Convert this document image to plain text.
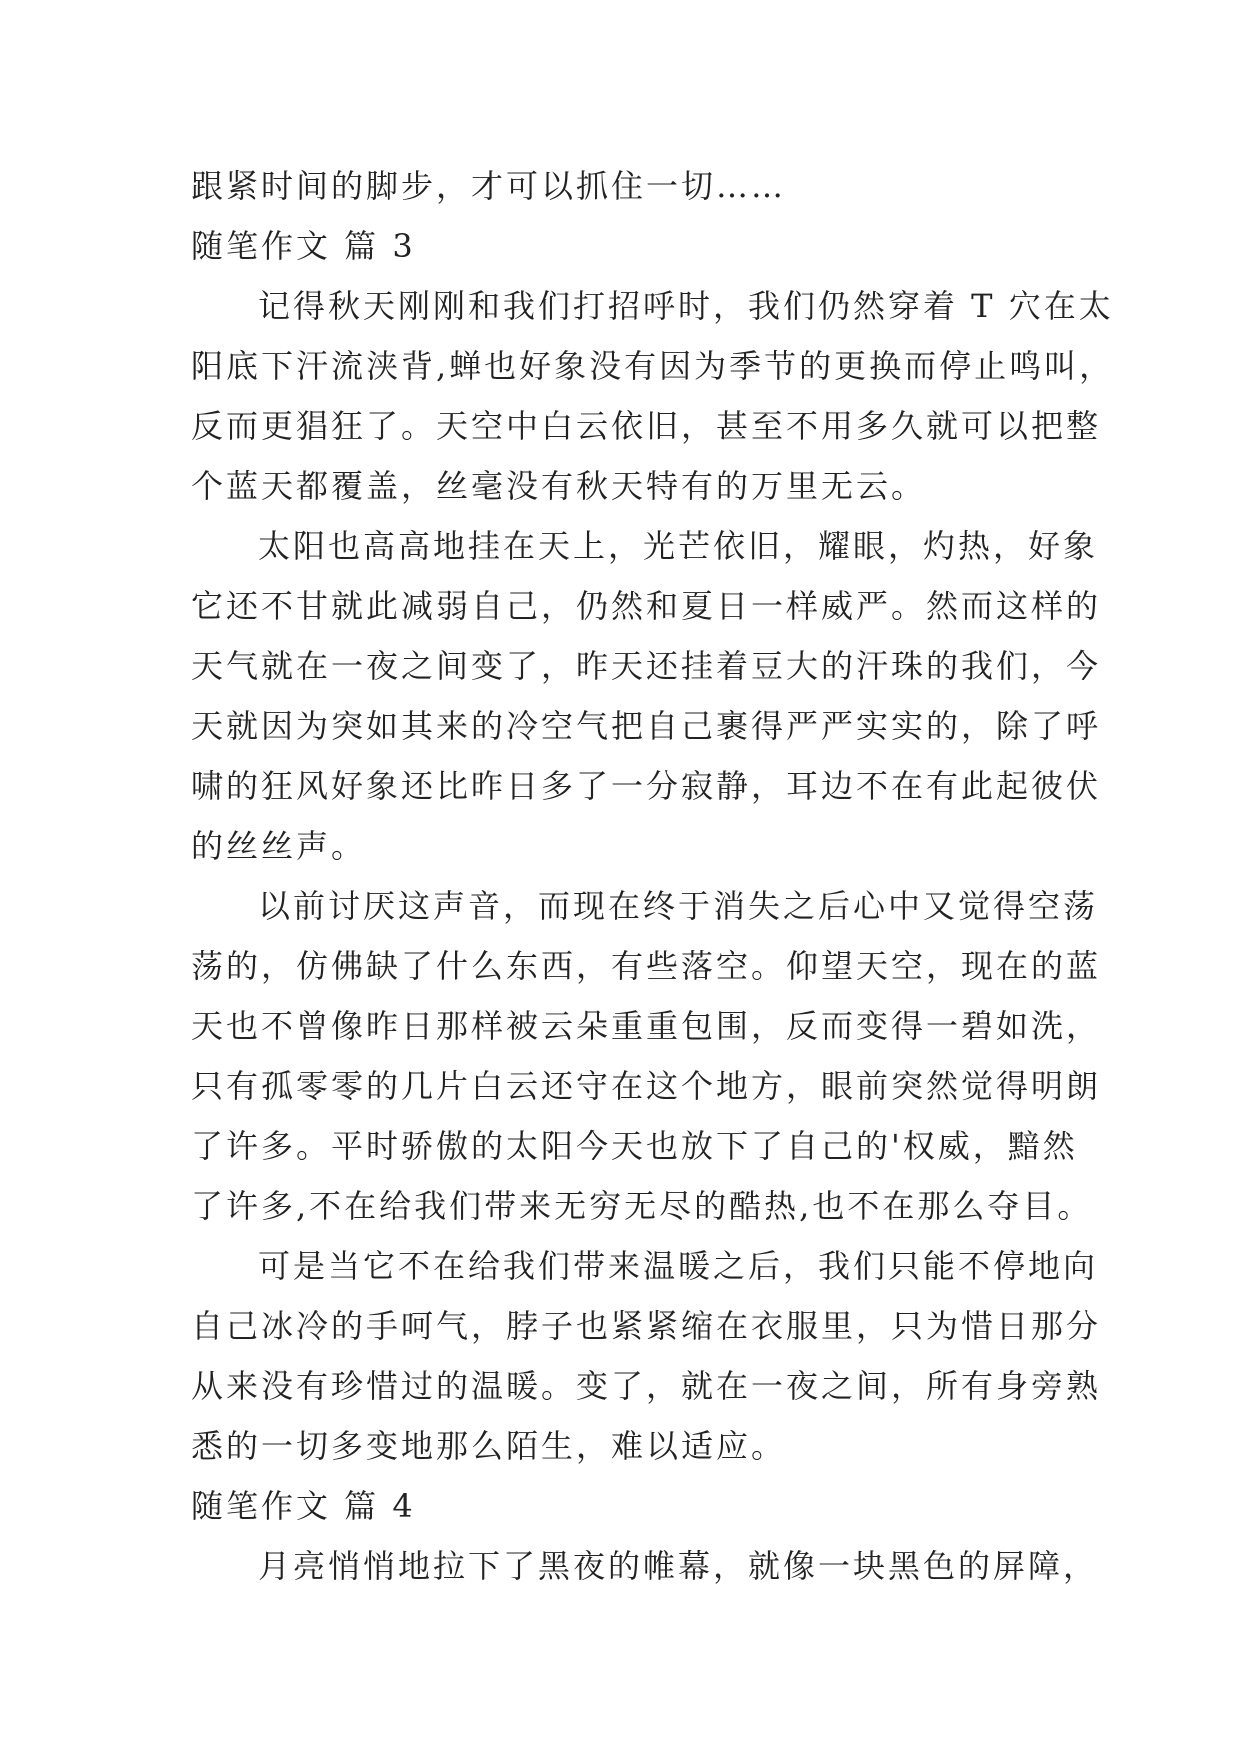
跟紧时间的脚步，才可以抓住一切……

随笔作文 篇 3

记得秋天刚刚和我们打招呼时，我们仍然穿着 T 穴在太

阳底下汗流浃背,蝉也好象没有因为季节的更换而停止鸣叫，

反而更猖狂了。天空中白云依旧，甚至不用多久就可以把整

个蓝天都覆盖，丝毫没有秋天特有的万里无云。

太阳也高高地挂在天上，光芒依旧，耀眼，灼热，好象

它还不甘就此减弱自己，仍然和夏日一样威严。然而这样的

天气就在一夜之间变了，昨天还挂着豆大的汗珠的我们，今

天就因为突如其来的冷空气把自己裹得严严实实的，除了呼

啸的狂风好象还比昨日多了一分寂静，耳边不在有此起彼伏

的丝丝声。

以前讨厌这声音，而现在终于消失之后心中又觉得空荡

荡的，仿佛缺了什么东西，有些落空。仰望天空，现在的蓝

天也不曾像昨日那样被云朵重重包围，反而变得一碧如洗，

只有孤零零的几片白云还守在这个地方，眼前突然觉得明朗

了许多。平时骄傲的太阳今天也放下了自己的'权威，黯然

了许多,不在给我们带来无穷无尽的酷热,也不在那么夺目。

可是当它不在给我们带来温暖之后，我们只能不停地向

自己冰冷的手呵气，脖子也紧紧缩在衣服里，只为惜日那分

从来没有珍惜过的温暖。变了，就在一夜之间，所有身旁熟

悉的一切多变地那么陌生，难以适应。

随笔作文 篇 4

月亮悄悄地拉下了黑夜的帷幕，就像一块黑色的屏障，
